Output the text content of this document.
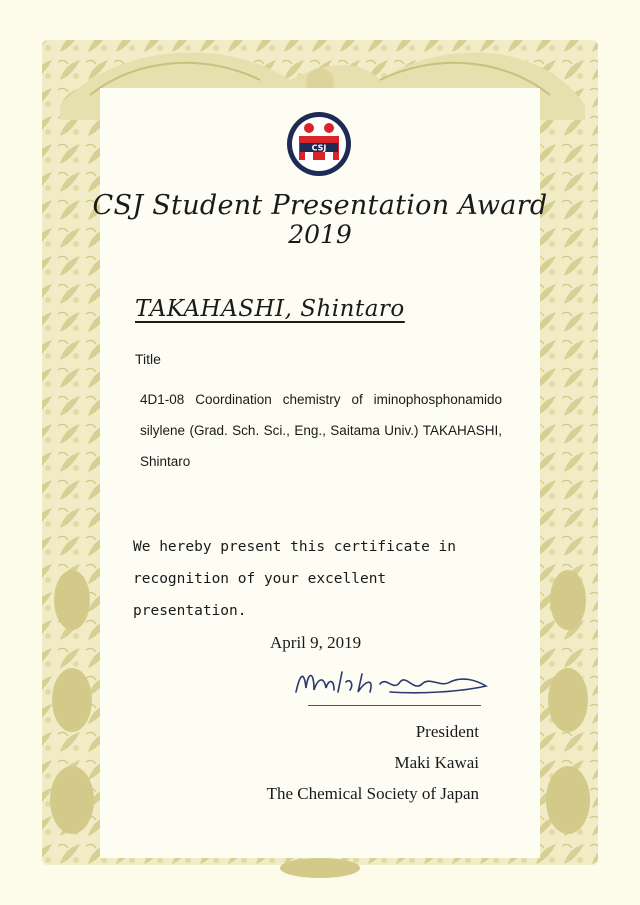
CSJ
CSJ Student Presentation Award
2019
TAKAHASHI, Shintaro
Title
4D1-08 Coordination chemistry of iminophosphonamido silylene (Grad. Sch. Sci., Eng., Saitama Univ.) TAKAHASHI, Shintaro
We hereby present this certificate in
recognition of your excellent presentation.
April 9, 2019
President
Maki Kawai
The Chemical Society of Japan
